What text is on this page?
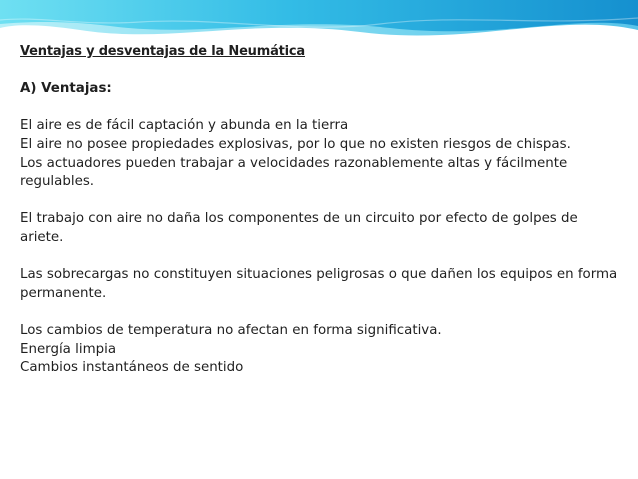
Ventajas y desventajas de la Neumática

A) Ventajas:

El aire es de fácil captación y abunda en la tierra

El aire no posee propiedades explosivas, por lo que no existen riesgos de chispas.

Los actuadores pueden trabajar a velocidades razonablemente altas y fácilmente

regulables.

El trabajo con aire no daña los componentes de un circuito por efecto de golpes de

ariete.

Las sobrecargas no constituyen situaciones peligrosas o que dañen los equipos en forma

permanente.

Los cambios de temperatura no afectan en forma significativa.

Energía limpia

Cambios instantáneos de sentido
